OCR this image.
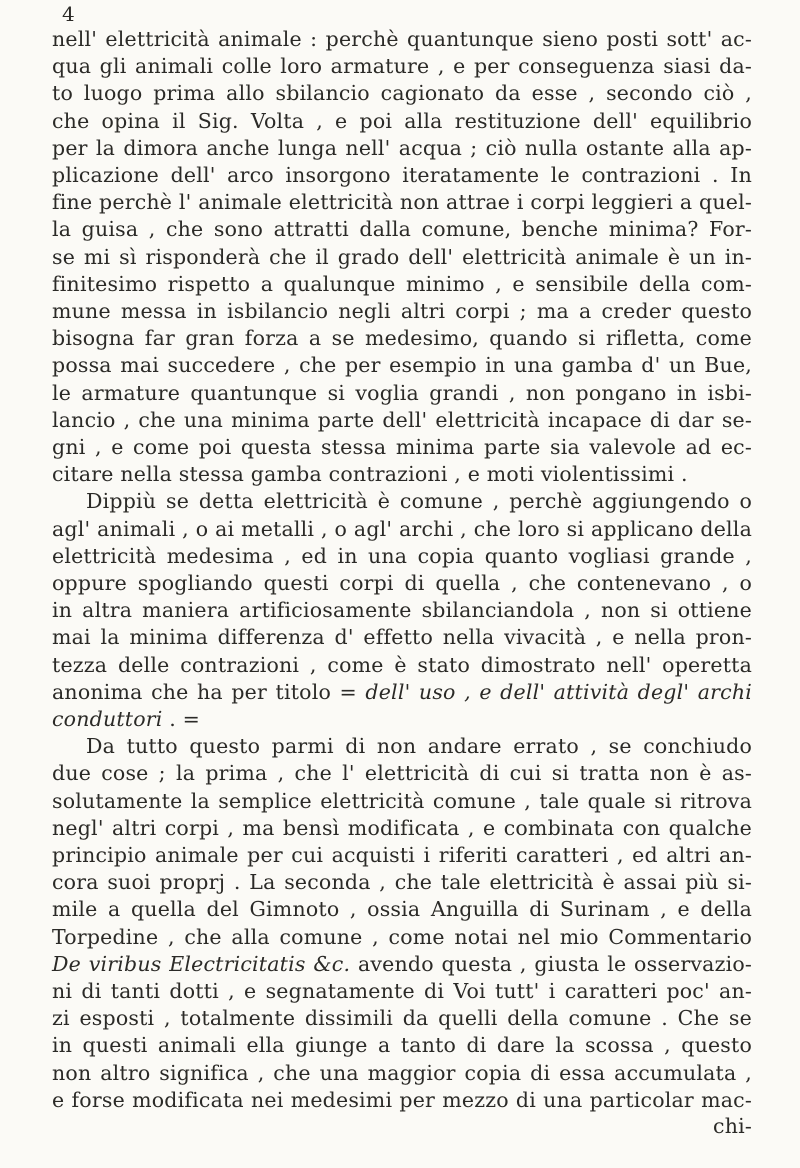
4
nell' elettricità animale : perchè quantunque sieno posti sott' ac-
qua gli animali colle loro armature , e per conseguenza siasi da-
to luogo prima allo sbilancio cagionato da esse , secondo ciò ,
che opina il Sig. Volta , e poi alla restituzione dell' equilibrio
per la dimora anche lunga nell' acqua ; ciò nulla ostante alla ap-
plicazione dell' arco insorgono iteratamente le contrazioni . In
fine perchè l' animale elettricità non attrae i corpi leggieri a quel-
la guisa , che sono attratti dalla comune, benche minima? For-
se mi sì risponderà che il grado dell' elettricità animale è un in-
finitesimo rispetto a qualunque minimo , e sensibile della com-
mune messa in isbilancio negli altri corpi ; ma a creder questo
bisogna far gran forza a se medesimo, quando si rifletta, come
possa mai succedere , che per esempio in una gamba d' un Bue,
le armature quantunque si voglia grandi , non pongano in isbi-
lancio , che una minima parte dell' elettricità incapace di dar se-
gni , e come poi questa stessa minima parte sia valevole ad ec-
citare nella stessa gamba contrazioni , e moti violentissimi .
Dippiù se detta elettricità è comune , perchè aggiungendo o
agl' animali , o ai metalli , o agl' archi , che loro si applicano della
elettricità medesima , ed in una copia quanto vogliasi grande ,
oppure spogliando questi corpi di quella , che contenevano , o
in altra maniera artificiosamente sbilanciandola , non si ottiene
mai la minima differenza d' effetto nella vivacità , e nella pron-
tezza delle contrazioni , come è stato dimostrato nell' operetta
anonima che ha per titolo = dell' uso , e dell' attività degl' archi
conduttori . =
Da tutto questo parmi di non andare errato , se conchiudo
due cose ; la prima , che l' elettricità di cui si tratta non è as-
solutamente la semplice elettricità comune , tale quale si ritrova
negl' altri corpi , ma bensì modificata , e combinata con qualche
principio animale per cui acquisti i riferiti caratteri , ed altri an-
cora suoi proprj . La seconda , che tale elettricità è assai più si-
mile a quella del Gimnoto , ossia Anguilla di Surinam , e della
Torpedine , che alla comune , come notai nel mio Commentario
De viribus Electricitatis &c. avendo questa , giusta le osservazio-
ni di tanti dotti , e segnatamente di Voi tutt' i caratteri poc' an-
zi esposti , totalmente dissimili da quelli della comune . Che se
in questi animali ella giunge a tanto di dare la scossa , questo
non altro significa , che una maggior copia di essa accumulata ,
e forse modificata nei medesimi per mezzo di una particolar mac-
chi-
